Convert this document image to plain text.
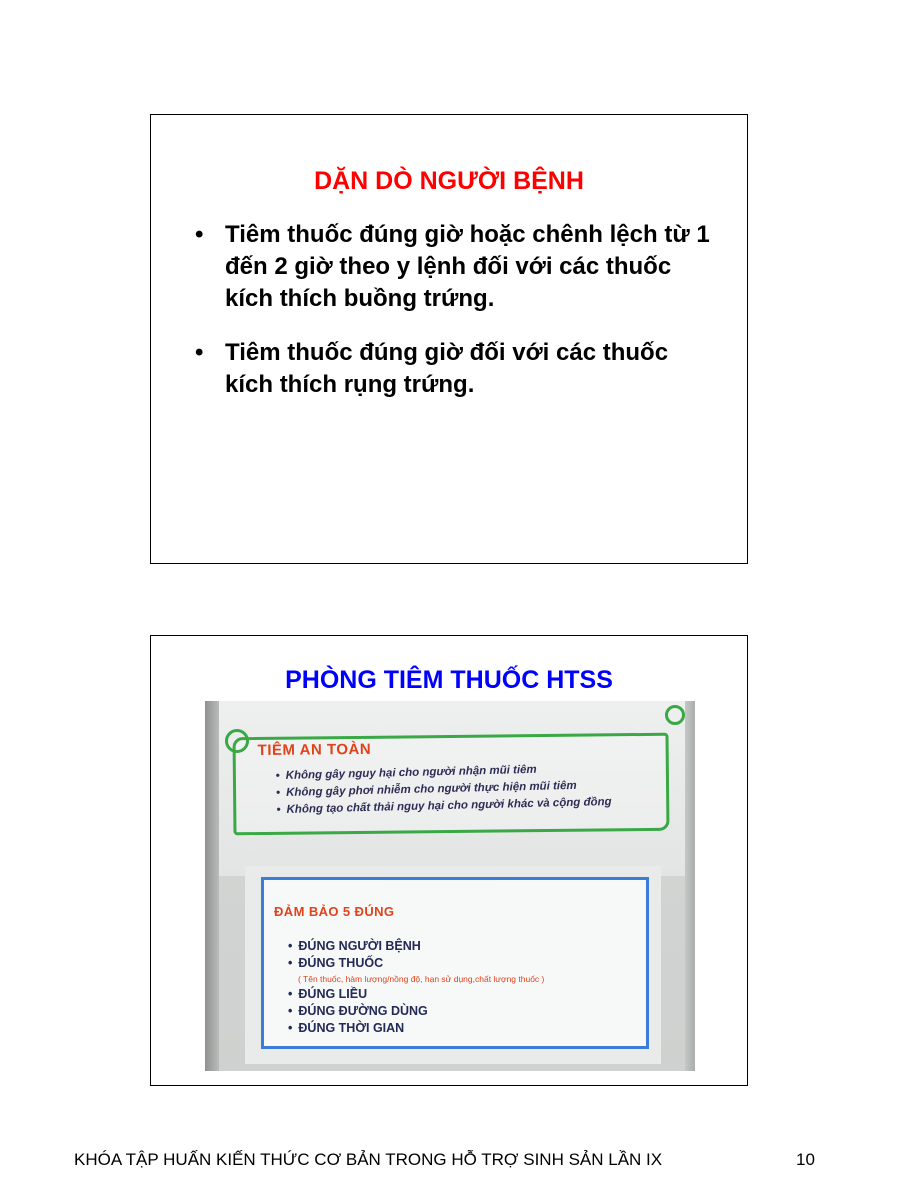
DẶN DÒ NGƯỜI BỆNH
• Tiêm thuốc đúng giờ hoặc chênh lệch từ 1 đến 2 giờ theo y lệnh đối với các thuốc kích thích buồng trứng.
• Tiêm thuốc đúng giờ đối với các thuốc kích thích rụng trứng.
PHÒNG TIÊM THUỐC HTSS
TIÊM AN TOÀN
• Không gây nguy hại cho người nhận mũi tiêm
• Không gây phơi nhiễm cho người thực hiện mũi tiêm
• Không tạo chất thải nguy hại cho người khác và cộng đồng
ĐẢM BẢO 5 ĐÚNG
• ĐÚNG NGƯỜI BỆNH
• ĐÚNG THUỐC
( Tên thuốc, hàm lượng/nồng độ, hạn sử dụng,chất lượng thuốc )
• ĐÚNG LIỀU
• ĐÚNG ĐƯỜNG DÙNG
• ĐÚNG THỜI GIAN
KHÓA TẬP HUẤN KIẾN THỨC CƠ BẢN TRONG HỖ TRỢ SINH SẢN LẦN IX	10
